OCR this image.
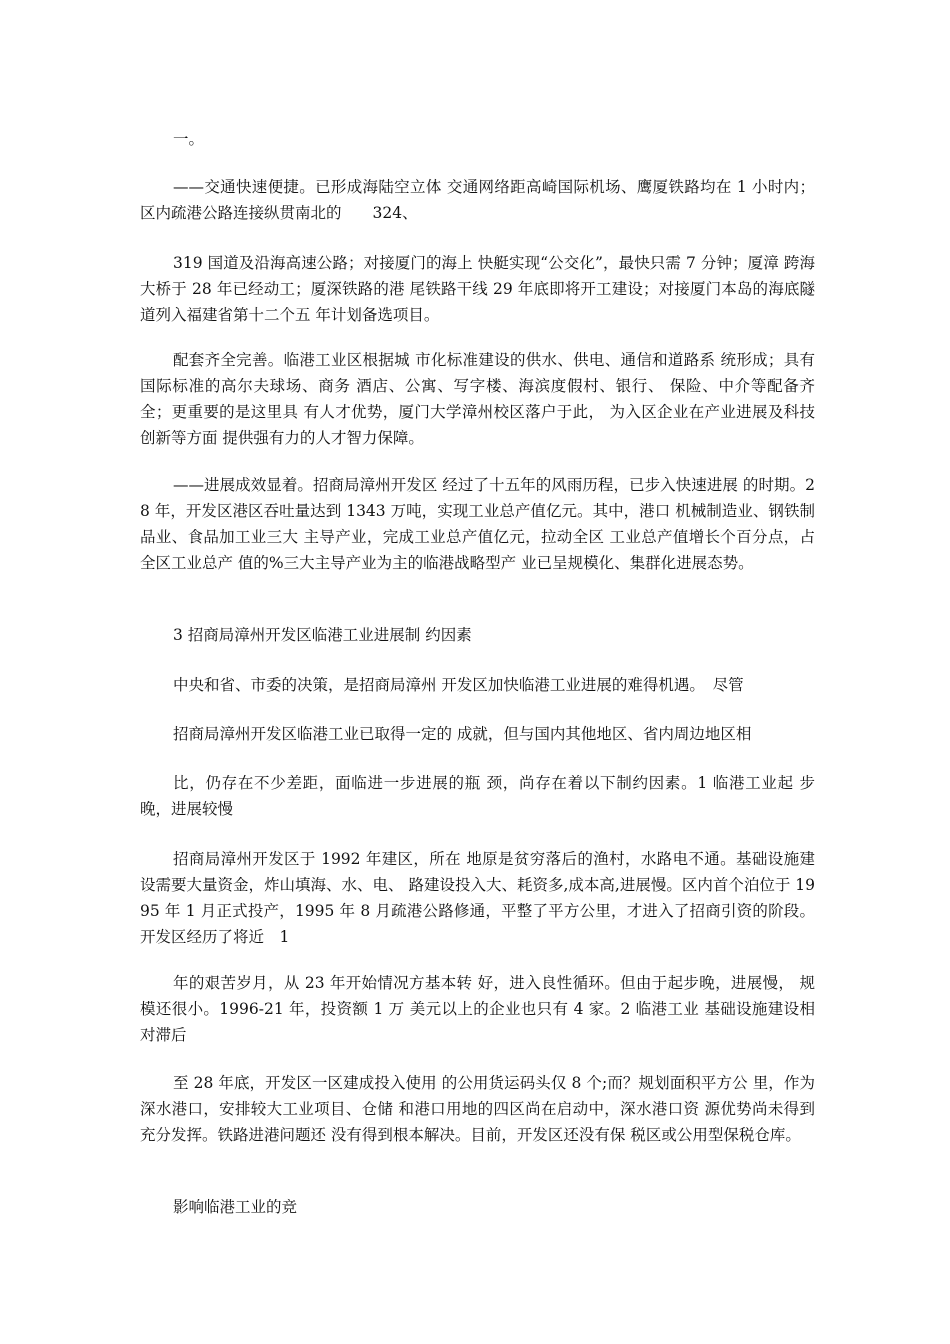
一。

——交通快速便捷。已形成海陆空立体 交通网络距高崎国际机场、鹰厦铁路均在 1 小时内；区内疏港公路连接纵贯南北的　　324、

319 国道及沿海高速公路；对接厦门的海上 快艇实现“公交化”，最快只需 7 分钟；厦漳 跨海大桥于 28 年已经动工；厦深铁路的港 尾铁路干线 29 年底即将开工建设；对接厦门本岛的海底隧道列入福建省第十二个五 年计划备选项目。

配套齐全完善。临港工业区根据城 市化标准建设的供水、供电、通信和道路系 统形成；具有国际标准的高尔夫球场、商务 酒店、公寓、写字楼、海滨度假村、银行、 保险、中介等配备齐全；更重要的是这里具 有人才优势，厦门大学漳州校区落户于此， 为入区企业在产业进展及科技创新等方面 提供强有力的人才智力保障。

——进展成效显着。招商局漳州开发区 经过了十五年的风雨历程，已步入快速进展 的时期。28 年，开发区港区吞吐量达到 1343 万吨，实现工业总产值亿元。其中，港口 机械制造业、钢铁制品业、食品加工业三大 主导产业，完成工业总产值亿元，拉动全区 工业总产值增长个百分点，占全区工业总产 值的%三大主导产业为主的临港战略型产 业已呈规模化、集群化进展态势。

3 招商局漳州开发区临港工业进展制 约因素

中央和省、市委的决策，是招商局漳州 开发区加快临港工业进展的难得机遇。　尽管

招商局漳州开发区临港工业已取得一定的 成就，但与国内其他地区、省内周边地区相

比，仍存在不少差距，面临进一步进展的瓶 颈，尚存在着以下制约因素。1 临港工业起 步晚，进展较慢

招商局漳州开发区于 1992 年建区，所在 地原是贫穷落后的渔村，水路电不通。基础设施建设需要大量资金，炸山填海、水、电、 路建设投入大、耗资多,成本高,进展慢。区内首个泊位于 1995 年 1 月正式投产，1995 年 8 月疏港公路修通，平整了平方公里，才进入了招商引资的阶段。开发区经历了将近　1

年的艰苦岁月，从 23 年开始情况方基本转 好，进入良性循环。但由于起步晚，进展慢， 规模还很小。1996-21 年，投资额 1 万 美元以上的企业也只有 4 家。2 临港工业 基础设施建设相对滞后

至 28 年底，开发区一区建成投入使用 的公用货运码头仅 8 个;而？规划面积平方公 里，作为深水港口，安排较大工业项目、仓储 和港口用地的四区尚在启动中，深水港口资 源优势尚未得到充分发挥。铁路进港问题还 没有得到根本解决。目前，开发区还没有保 税区或公用型保税仓库。

影响临港工业的竞
